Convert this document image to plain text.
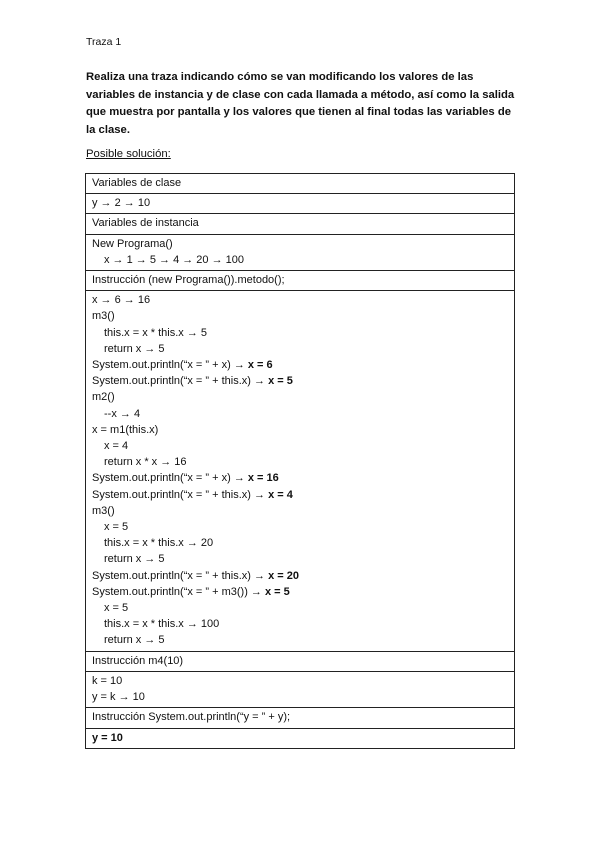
Traza 1
Realiza una traza indicando cómo se van modificando los valores de las variables de instancia y de clase con cada llamada a método, así como la salida que muestra por pantalla y los valores que tienen al final todas las variables de la clase.
Posible solución:
Variables de clase
y → 2 → 10
Variables de instancia

New Programa()
x → 1 → 5 → 4 → 20 → 100

Instrucción (new Programa()).metodo();

x → 6 → 16
m3()
this.x = x * this.x → 5
return x → 5
System.out.println(“x = ” + x) → x = 6
System.out.println(“x = ” + this.x) → x = 5
m2()
--x → 4
x = m1(this.x)
x = 4
return x * x → 16
System.out.println(“x = ” + x) → x = 16
System.out.println(“x = ” + this.x) → x = 4
m3()
x = 5
this.x = x * this.x → 20
return x → 5
System.out.println(“x = ” + this.x) → x = 20
System.out.println(“x = ” + m3()) → x = 5
x = 5
this.x = x * this.x → 100
return x → 5

Instrucción m4(10)

k = 10
y = k → 10

Instrucción System.out.println(“y = ” + y);
y = 10
